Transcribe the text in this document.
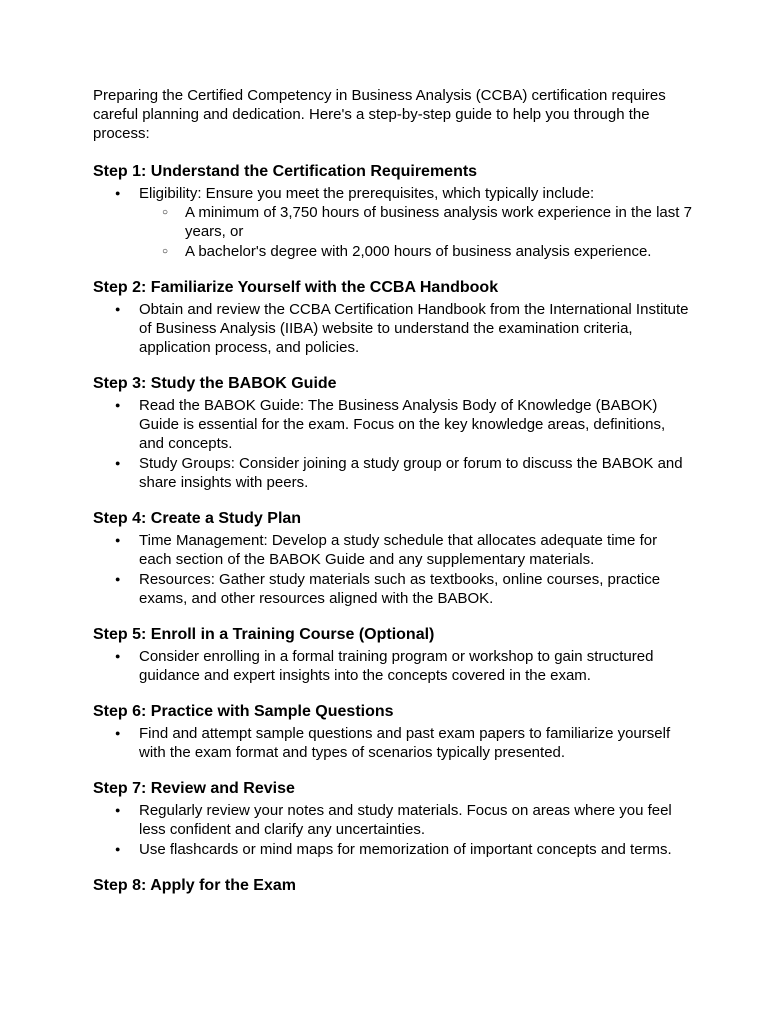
Preparing the Certified Competency in Business Analysis (CCBA) certification requires careful planning and dedication. Here's a step-by-step guide to help you through the process:

Step 1: Understand the Certification Requirements
● Eligibility: Ensure you meet the prerequisites, which typically include:
○ A minimum of 3,750 hours of business analysis work experience in the last 7 years, or
○ A bachelor's degree with 2,000 hours of business analysis experience.
Step 2: Familiarize Yourself with the CCBA Handbook
● Obtain and review the CCBA Certification Handbook from the International Institute of Business Analysis (IIBA) website to understand the examination criteria, application process, and policies.
Step 3: Study the BABOK Guide
● Read the BABOK Guide: The Business Analysis Body of Knowledge (BABOK) Guide is essential for the exam. Focus on the key knowledge areas, definitions, and concepts.
● Study Groups: Consider joining a study group or forum to discuss the BABOK and share insights with peers.
Step 4: Create a Study Plan
● Time Management: Develop a study schedule that allocates adequate time for each section of the BABOK Guide and any supplementary materials.
● Resources: Gather study materials such as textbooks, online courses, practice exams, and other resources aligned with the BABOK.
Step 5: Enroll in a Training Course (Optional)
● Consider enrolling in a formal training program or workshop to gain structured guidance and expert insights into the concepts covered in the exam.
Step 6: Practice with Sample Questions
● Find and attempt sample questions and past exam papers to familiarize yourself with the exam format and types of scenarios typically presented.
Step 7: Review and Revise
● Regularly review your notes and study materials. Focus on areas where you feel less confident and clarify any uncertainties.
● Use flashcards or mind maps for memorization of important concepts and terms.
Step 8: Apply for the Exam
